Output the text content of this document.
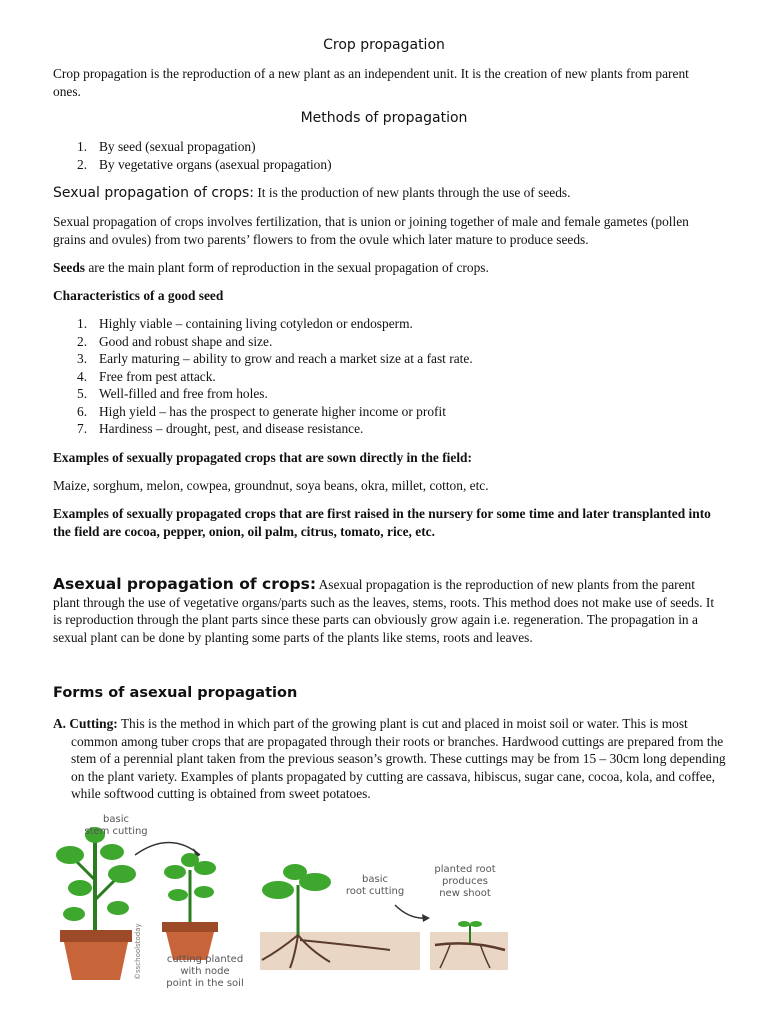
Crop propagation
Crop propagation is the reproduction of a new plant as an independent unit. It is the creation of new plants from parent ones.
Methods of propagation
1. By seed (sexual propagation)
2. By vegetative organs (asexual propagation)
Sexual propagation of crops: It is the production of new plants through the use of seeds.
Sexual propagation of crops involves fertilization, that is union or joining together of male and female gametes (pollen grains and ovules) from two parents’ flowers to from the ovule which later mature to produce seeds.
Seeds are the main plant form of reproduction in the sexual propagation of crops.
Characteristics of a good seed
1. Highly viable – containing living cotyledon or endosperm.
2. Good and robust shape and size.
3. Early maturing – ability to grow and reach a market size at a fast rate.
4. Free from pest attack.
5. Well-filled and free from holes.
6. High yield – has the prospect to generate higher income or profit
7. Hardiness – drought, pest, and disease resistance.
Examples of sexually propagated crops that are sown directly in the field:
Maize, sorghum, melon, cowpea, groundnut, soya beans, okra, millet, cotton, etc.
Examples of sexually propagated crops that are first raised in the nursery for some time and later transplanted into the field are cocoa, pepper, onion, oil palm, citrus, tomato, rice, etc.
Asexual propagation of crops: Asexual propagation is the reproduction of new plants from the parent plant through the use of vegetative organs/parts such as the leaves, stems, roots. This method does not make use of seeds. It is reproduction through the plant parts since these parts can obviously grow again i.e. regeneration. The propagation in a sexual plant can be done by planting some parts of the plants like stems, roots and leaves.
Forms of asexual propagation
A. Cutting: This is the method in which part of the growing plant is cut and placed in moist soil or water. This is most common among tuber crops that are propagated through their roots or branches. Hardwood cuttings are prepared from the stem of a perennial plant taken from the previous season’s growth. These cuttings may be from 15 – 30cm long depending on the plant variety. Examples of plants propagated by cutting are cassava, hibiscus, sugar cane, cocoa, kola, and coffee, while softwood cutting is obtained from sweet potatoes.
basic
stem cutting
cutting planted
with node
point in the soil
©sschoolstoday
basic
root cutting
planted root
produces
new shoot
